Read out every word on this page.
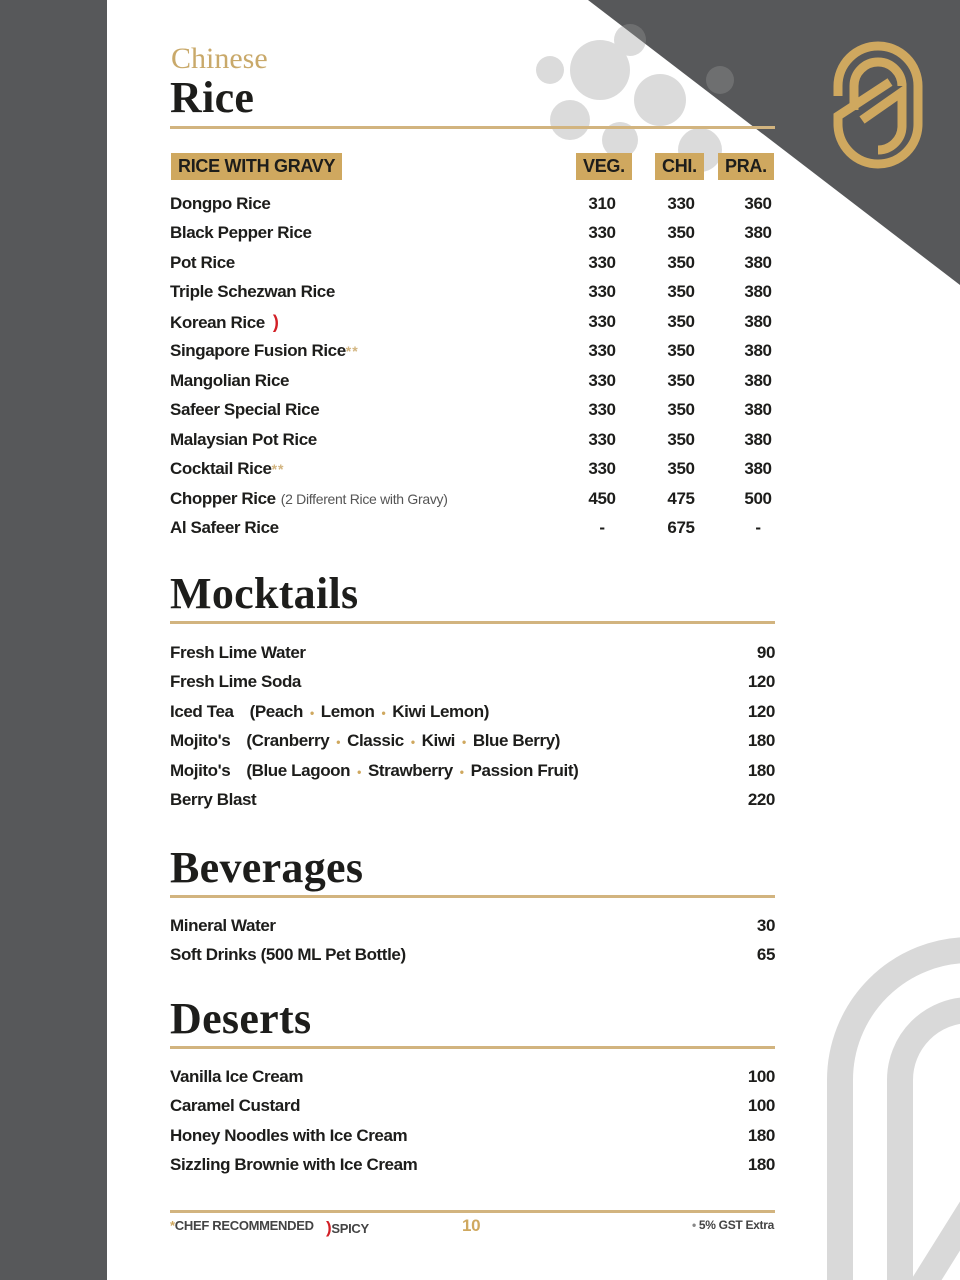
Chinese
Rice
RICE WITH GRAVY	VEG.	CHI.	PRA.
Dongpo Rice	310	330	360
Black Pepper Rice	330	350	380
Pot Rice	330	350	380
Triple Schezwan Rice	330	350	380
Korean Rice )	330	350	380
Singapore Fusion Rice**	330	350	380
Mangolian Rice	330	350	380
Safeer Special Rice	330	350	380
Malaysian Pot Rice	330	350	380
Cocktail Rice**	330	350	380
Chopper Rice (2 Different Rice with Gravy)	450	475	500
Al Safeer Rice	-	675	-
Mocktails
Fresh Lime Water	90
Fresh Lime Soda	120
Iced Tea (Peach • Lemon • Kiwi Lemon)	120
Mojito's (Cranberry • Classic • Kiwi • Blue Berry)	180
Mojito's (Blue Lagoon • Strawberry • Passion Fruit)	180
Berry Blast	220
Beverages
Mineral Water	30
Soft Drinks (500 ML Pet Bottle)	65
Deserts
Vanilla Ice Cream	100
Caramel Custard	100
Honey Noodles with Ice Cream	180
Sizzling Brownie with Ice Cream	180
*CHEF RECOMMENDED )SPICY	10	• 5% GST Extra
